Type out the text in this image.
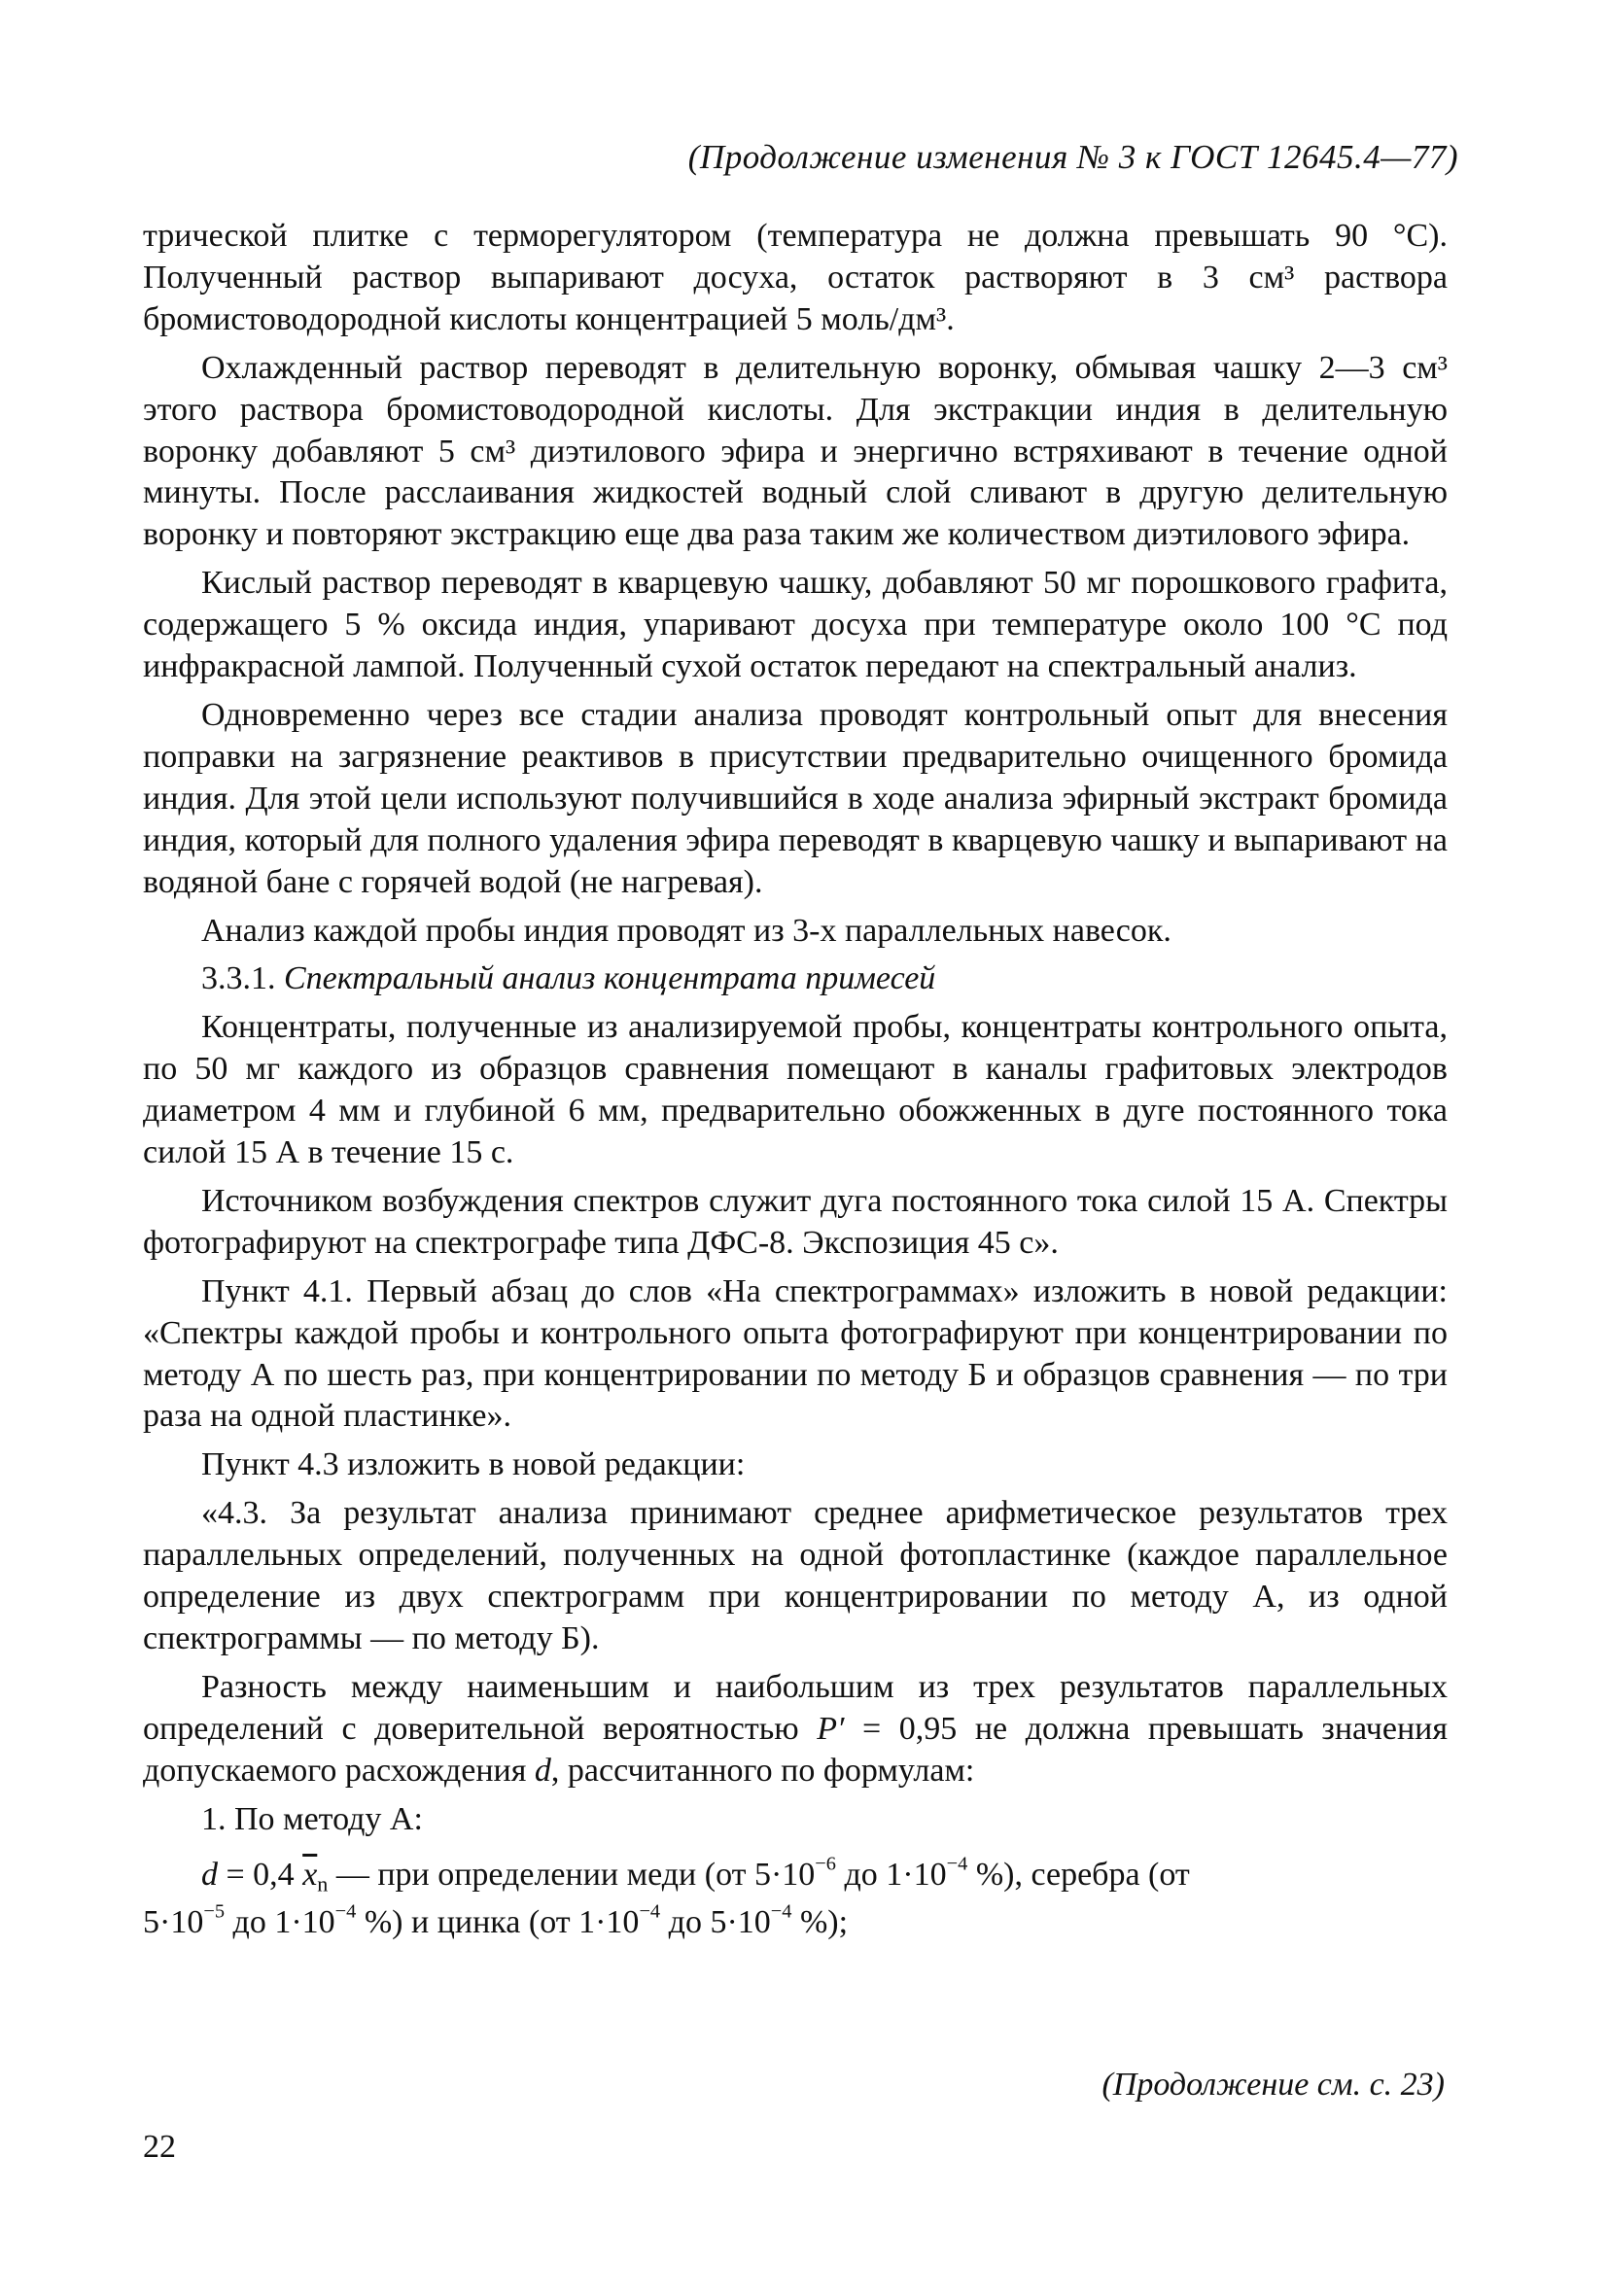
(Продолжение изменения № 3 к ГОСТ 12645.4—77)

трической плитке с терморегулятором (температура не должна превышать 90 °С). Полученный раствор выпаривают досуха, остаток растворяют в 3 см³ раствора бромистоводородной кислоты концентрацией 5 моль/дм³.

Охлажденный раствор переводят в делительную воронку, обмывая чашку 2—3 см³ этого раствора бромистоводородной кислоты. Для экстракции индия в делительную воронку добавляют 5 см³ диэтилового эфира и энергично встряхивают в течение одной минуты. После расслаивания жидкостей водный слой сливают в другую делительную воронку и повторяют экстракцию еще два раза таким же количеством диэтилового эфира.

Кислый раствор переводят в кварцевую чашку, добавляют 50 мг порошкового графита, содержащего 5 % оксида индия, упаривают досуха при температуре около 100 °С под инфракрасной лампой. Полученный сухой остаток передают на спектральный анализ.

Одновременно через все стадии анализа проводят контрольный опыт для внесения поправки на загрязнение реактивов в присутствии предварительно очищенного бромида индия. Для этой цели используют получившийся в ходе анализа эфирный экстракт бромида индия, который для полного удаления эфира переводят в кварцевую чашку и выпаривают на водяной бане с горячей водой (не нагревая).

Анализ каждой пробы индия проводят из 3-х параллельных навесок.

3.3.1. Спектральный анализ концентрата примесей

Концентраты, полученные из анализируемой пробы, концентраты контрольного опыта, по 50 мг каждого из образцов сравнения помещают в каналы графитовых электродов диаметром 4 мм и глубиной 6 мм, предварительно обожженных в дуге постоянного тока силой 15 А в течение 15 с.

Источником возбуждения спектров служит дуга постоянного тока силой 15 А. Спектры фотографируют на спектрографе типа ДФС-8. Экспозиция 45 с».

Пункт 4.1. Первый абзац до слов «На спектрограммах» изложить в новой редакции: «Спектры каждой пробы и контрольного опыта фотографируют при концентрировании по методу А по шесть раз, при концентрировании по методу Б и образцов сравнения — по три раза на одной пластинке».

Пункт 4.3 изложить в новой редакции:

«4.3. За результат анализа принимают среднее арифметическое результатов трех параллельных определений, полученных на одной фотопластинке (каждое параллельное определение из двух спектрограмм при концентрировании по методу А, из одной спектрограммы — по методу Б).

Разность между наименьшим и наибольшим из трех результатов параллельных определений с доверительной вероятностью P′ = 0,95 не должна превышать значения допускаемого расхождения d, рассчитанного по формулам:

1. По методу А:

d = 0,4 $\overline{x}_n$ — при определении меди (от $5\cdot 10^{-6}$ до $1\cdot 10^{-4}$ %), серебра (от

$5\cdot 10^{-5}$ до $1\cdot 10^{-4}$ %) и цинка (от $1\cdot 10^{-4}$ до $5\cdot 10^{-4}$ %);

(Продолжение см. с. 23)
22
